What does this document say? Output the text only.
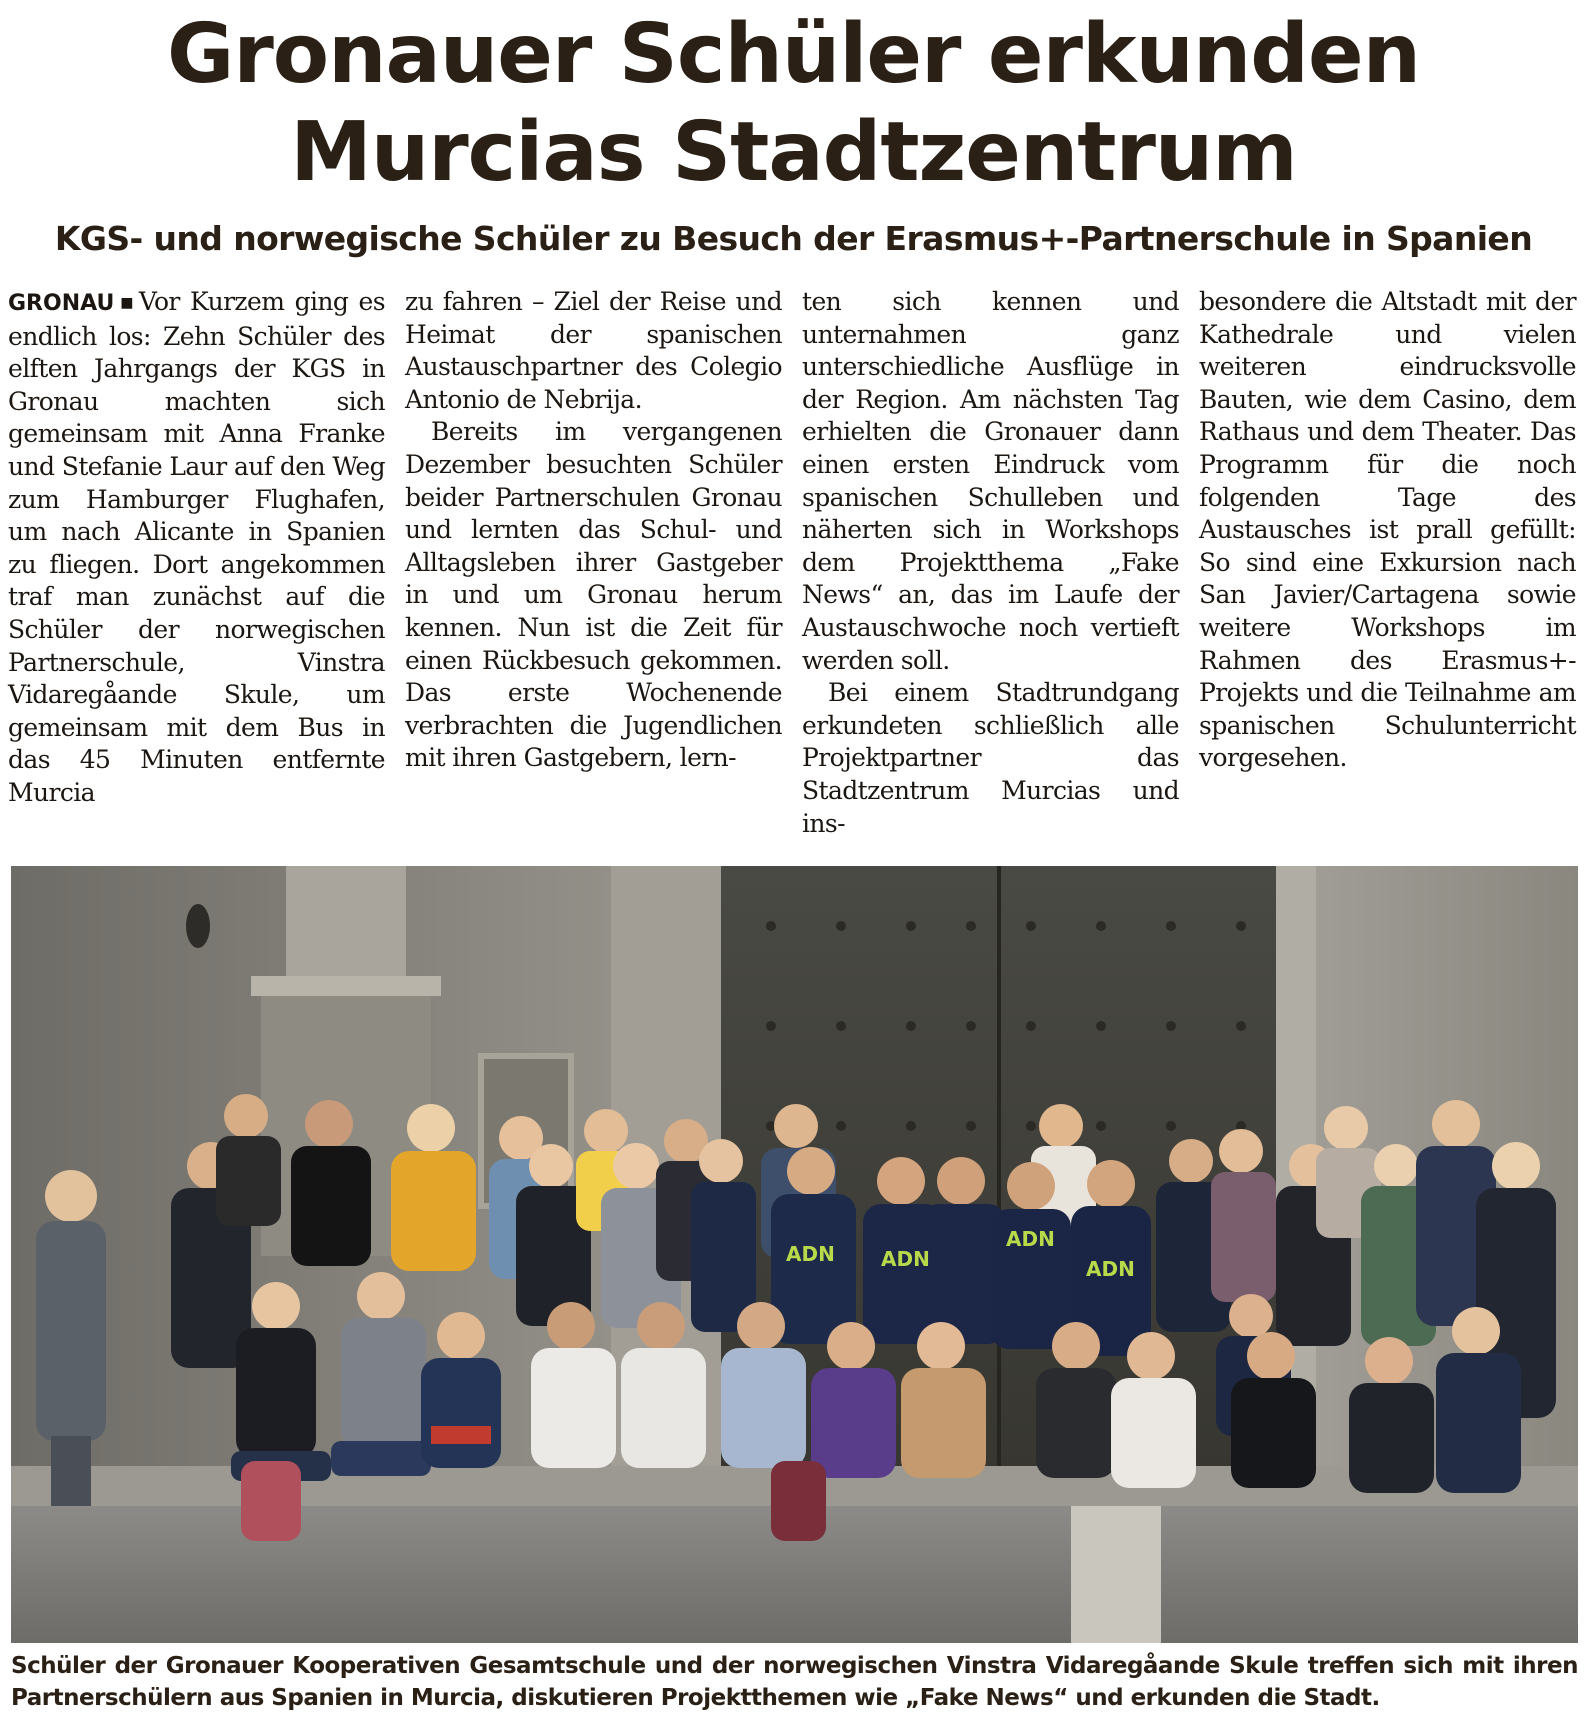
Gronauer Schüler erkunden
Murcias Stadtzentrum
KGS- und norwegische Schüler zu Besuch der Erasmus+-Partnerschule in Spanien

GRONAU ■ Vor Kurzem ging es endlich los: Zehn Schüler des elften Jahrgangs der KGS in Gronau machten sich gemeinsam mit Anna Franke und Stefanie Laur auf den Weg zum Hamburger Flughafen, um nach Alicante in Spanien zu fliegen. Dort angekommen traf man zunächst auf die Schüler der norwegischen Partnerschule, Vinstra Vidaregåande Skule, um gemeinsam mit dem Bus in das 45 Minuten entfernte Murcia

zu fahren – Ziel der Reise und Heimat der spanischen Austauschpartner des Colegio Antonio de Nebrija.

Bereits im vergangenen Dezember besuchten Schüler beider Partnerschulen Gronau und lernten das Schul- und Alltagsleben ihrer Gastgeber in und um Gronau herum kennen. Nun ist die Zeit für einen Rückbesuch gekommen. Das erste Wochenende verbrachten die Jugendlichen mit ihren Gastgebern, lern-

ten sich kennen und unternahmen ganz unterschiedliche Ausflüge in der Region. Am nächsten Tag erhielten die Gronauer dann einen ersten Eindruck vom spanischen Schulleben und näherten sich in Workshops dem Projektthema „Fake News“ an, das im Laufe der Austauschwoche noch vertieft werden soll.

Bei einem Stadtrundgang erkundeten schließlich alle Projektpartner das Stadtzentrum Murcias und ins-

besondere die Altstadt mit der Kathedrale und vielen weiteren eindrucksvolle Bauten, wie dem Casino, dem Rathaus und dem Theater. Das Programm für die noch folgenden Tage des Austausches ist prall gefüllt: So sind eine Exkursion nach San Javier/Cartagena sowie weitere Workshops im Rahmen des Erasmus+-Projekts und die Teilnahme am spanischen Schulunterricht vorgesehen.

ADN ADN
ADN
ADN

Schüler der Gronauer Kooperativen Gesamtschule und der norwegischen Vinstra Vidaregåande Skule treffen sich mit ihren Partnerschülern aus Spanien in Murcia, diskutieren Projektthemen wie „Fake News“ und erkunden die Stadt.
